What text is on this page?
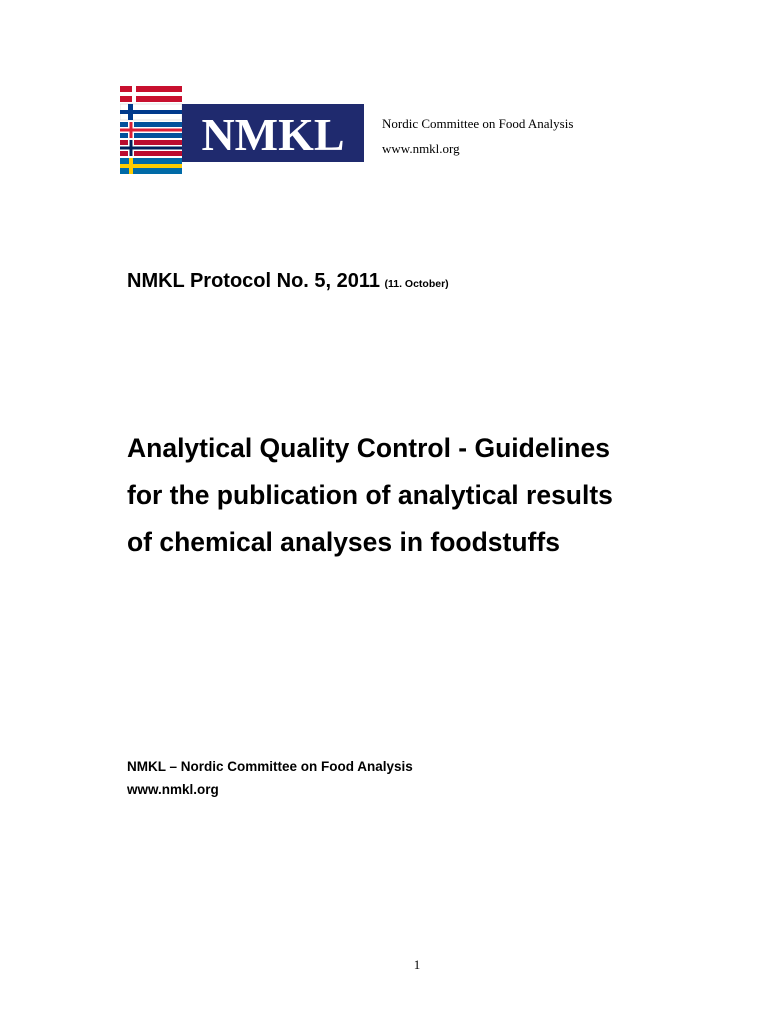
NMKL	Nordic Committee on Food Analysis
www.nmkl.org
NMKL Protocol No. 5, 2011 (11. October)
Analytical Quality Control - Guidelines
for the publication of analytical results
of chemical analyses in foodstuffs
NMKL – Nordic Committee on Food Analysis
www.nmkl.org
1
